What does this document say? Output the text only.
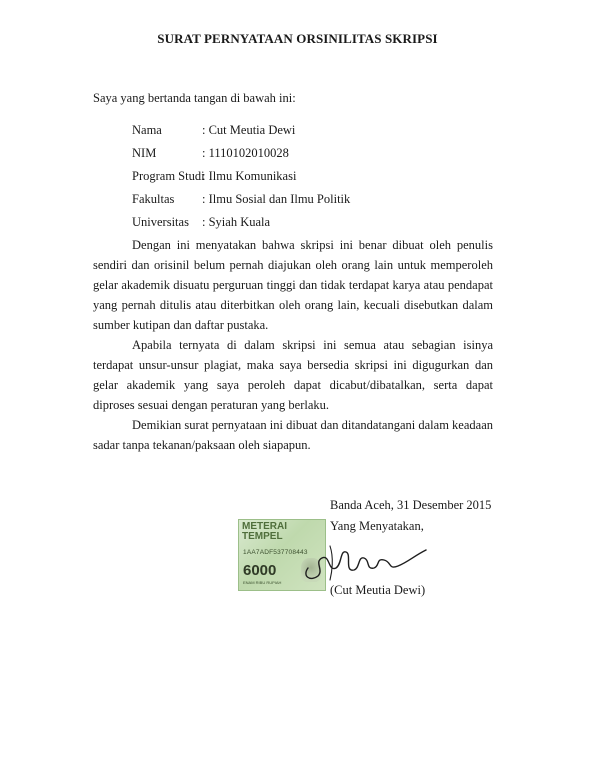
SURAT PERNYATAAN ORSINILITAS SKRIPSI
Saya yang bertanda tangan di bawah ini:
Nama	: Cut Meutia Dewi
NIM	: 1110102010028
Program Studi
: Ilmu Komunikasi
Fakultas : Ilmu Sosial dan Ilmu Politik
Universitas : Syiah Kuala

Dengan ini menyatakan bahwa skripsi ini benar dibuat oleh penulis sendiri dan orisinil belum pernah diajukan oleh orang lain untuk memperoleh gelar akademik disuatu perguruan tinggi dan tidak terdapat karya atau pendapat yang pernah ditulis atau diterbitkan oleh orang lain, kecuali disebutkan dalam sumber kutipan dan daftar pustaka.

Apabila ternyata di dalam skripsi ini semua atau sebagian isinya terdapat unsur-unsur plagiat, maka saya bersedia skripsi ini digugurkan dan gelar akademik yang saya peroleh dapat dicabut/dibatalkan, serta dapat diproses sesuai dengan peraturan yang berlaku.

Demikian surat pernyataan ini dibuat dan ditandatangani dalam keadaan sadar tanpa tekanan/paksaan oleh siapapun.

Banda Aceh, 31 Desember 2015
Yang Menyatakan,
METERAI
TEMPEL
1AA7ADF537708443
6000
ENAM RIBU RUPIAH
(Cut Meutia Dewi)
